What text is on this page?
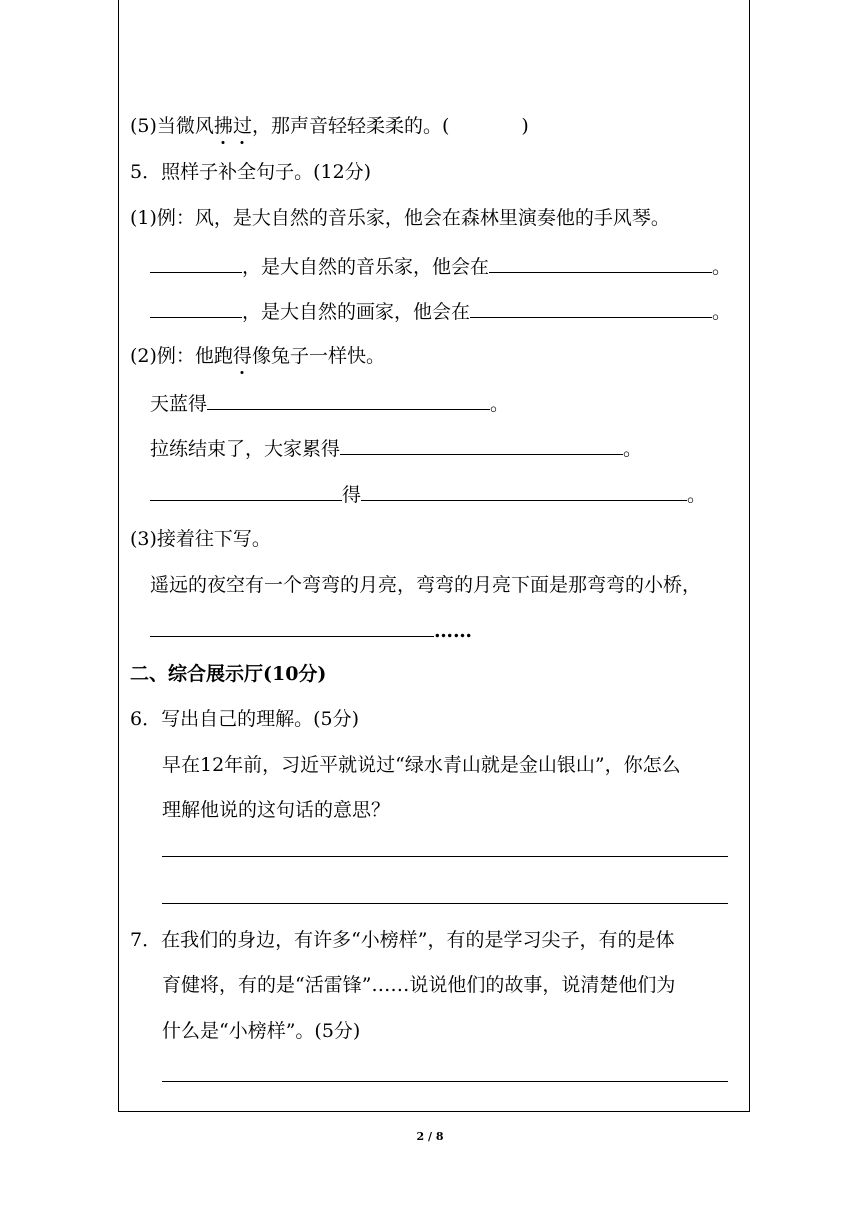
(5)当微风拂过，那声音轻轻柔柔的。(	)
5．照样子补全句子。(12分)
(1)例：风，是大自然的音乐家，他会在森林里演奏他的手风琴。
，是大自然的音乐家，他会在	。
，是大自然的画家，他会在	。
(2)例：他跑得像兔子一样快。
天蓝得	。
拉练结束了，大家累得	。
得	。
(3)接着往下写。
遥远的夜空有一个弯弯的月亮，弯弯的月亮下面是那弯弯的小桥，
……
二、综合展示厅(10分)
6．写出自己的理解。(5分)
早在12年前，习近平就说过“绿水青山就是金山银山”，你怎么
理解他说的这句话的意思？
7．在我们的身边，有许多“小榜样”，有的是学习尖子，有的是体
育健将，有的是“活雷锋”……说说他们的故事，说清楚他们为
什么是“小榜样”。(5分)
2 / 8
